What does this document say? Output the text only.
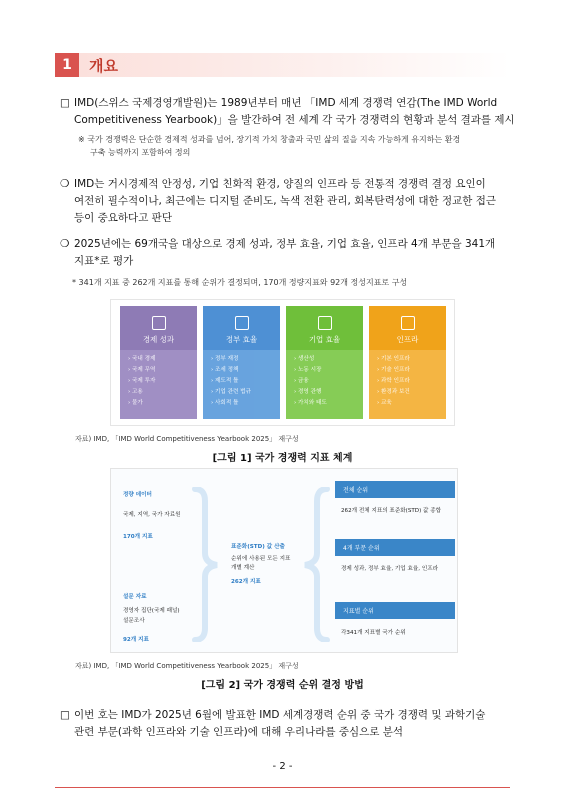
1	개요
□ IMD(스위스 국제경영개발원)는 1989년부터 매년 「IMD 세계 경쟁력 연감(The IMD World
Competitiveness Yearbook)」을 발간하여 전 세계 각 국가 경쟁력의 현황과 분석 결과를 제시
※ 국가 경쟁력은 단순한 경제적 성과를 넘어, 장기적 가치 창출과 국민 삶의 질을 지속 가능하게 유지하는 환경
구축 능력까지 포함하여 정의
❍ IMD는 거시경제적 안정성, 기업 친화적 환경, 양질의 인프라 등 전통적 경쟁력 결정 요인이
여전히 필수적이나, 최근에는 디지털 준비도, 녹색 전환 관리, 회복탄력성에 대한 정교한 접근
등이 중요하다고 판단
❍ 2025년에는 69개국을 대상으로 경제 성과, 정부 효율, 기업 효율, 인프라 4개 부문을 341개
지표*로 평가
* 341개 지표 중 262개 지표를 통해 순위가 결정되며, 170개 정량지표와 92개 정성지표로 구성
경제 성과
› 국내 경제
› 국제 무역
› 국제 투자
› 고용
› 물가
정부 효율
› 정부 재정
› 조세 정책
› 제도적 틀
› 기업 관련 법규
› 사회적 틀
기업 효율
› 생산성
› 노동 시장
› 금융
› 경영 관행
› 가치와 태도
인프라
› 기본 인프라
› 기술 인프라
› 과학 인프라
› 환경과 보건
› 교육
자료) IMD, 「IMD World Competitiveness Yearbook 2025」 재구성
[그림 1] 국가 경쟁력 지표 체계
정량 데이터
국제, 지역, 국가 자료원
170개 지표
설문 자료
경영자 집단(국제 패널)
설문조사
92개 지표
표준화(STD) 값 산출
순위에 사용된 모든 지표
개별 계산
262개 지표
전체 순위
262개 전체 지표의 표준화(STD) 값 종합
4개 부문 순위
경제 성과, 정부 효율, 기업 효율, 인프라
지표별 순위
각341개 지표별 국가 순위
자료) IMD, 「IMD World Competitiveness Yearbook 2025」 재구성
[그림 2] 국가 경쟁력 순위 결정 방법
□ 이번 호는 IMD가 2025년 6월에 발표한 IMD 세계경쟁력 순위 중 국가 경쟁력 및 과학기술
관련 부문(과학 인프라와 기술 인프라)에 대해 우리나라를 중심으로 분석
- 2 -
